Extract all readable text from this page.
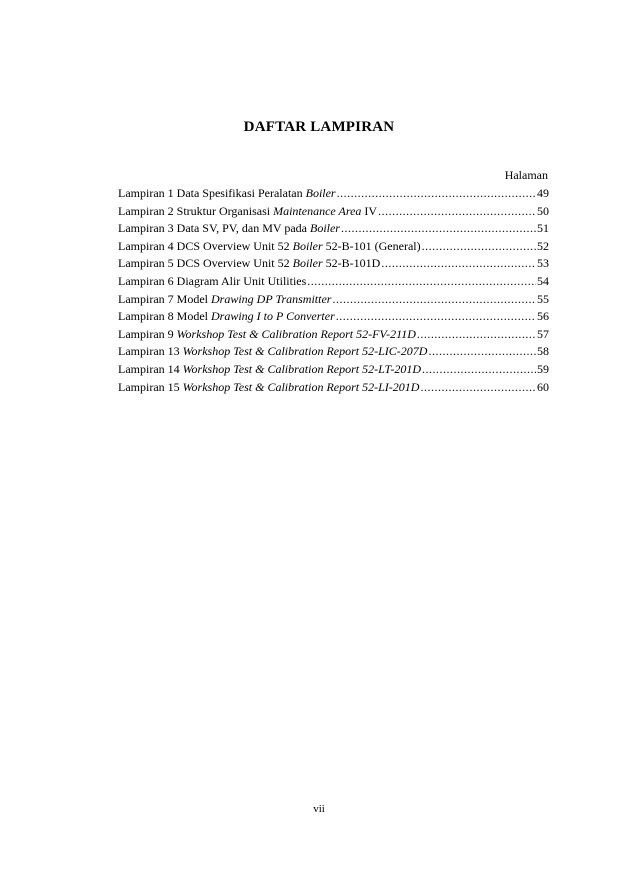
DAFTAR LAMPIRAN
Halaman
Lampiran 1 Data Spesifikasi Peralatan Boiler .....	49
Lampiran 2 Struktur Organisasi Maintenance Area IV .....	50
Lampiran 3 Data SV, PV, dan MV pada Boiler .....	51
Lampiran 4 DCS Overview Unit 52 Boiler 52-B-101 (General) .....	52
Lampiran 5 DCS Overview Unit 52 Boiler 52-B-101D .....	53
Lampiran 6 Diagram Alir Unit Utilities .....	54
Lampiran 7 Model Drawing DP Transmitter .....	55
Lampiran 8 Model Drawing I to P Converter .....	56
Lampiran 9 Workshop Test & Calibration Report 52-FV-211D .....	57
Lampiran 13 Workshop Test & Calibration Report 52-LIC-207D .....	58
Lampiran 14 Workshop Test & Calibration Report 52-LT-201D .....	59
Lampiran 15 Workshop Test & Calibration Report 52-LI-201D .....	60
vii
